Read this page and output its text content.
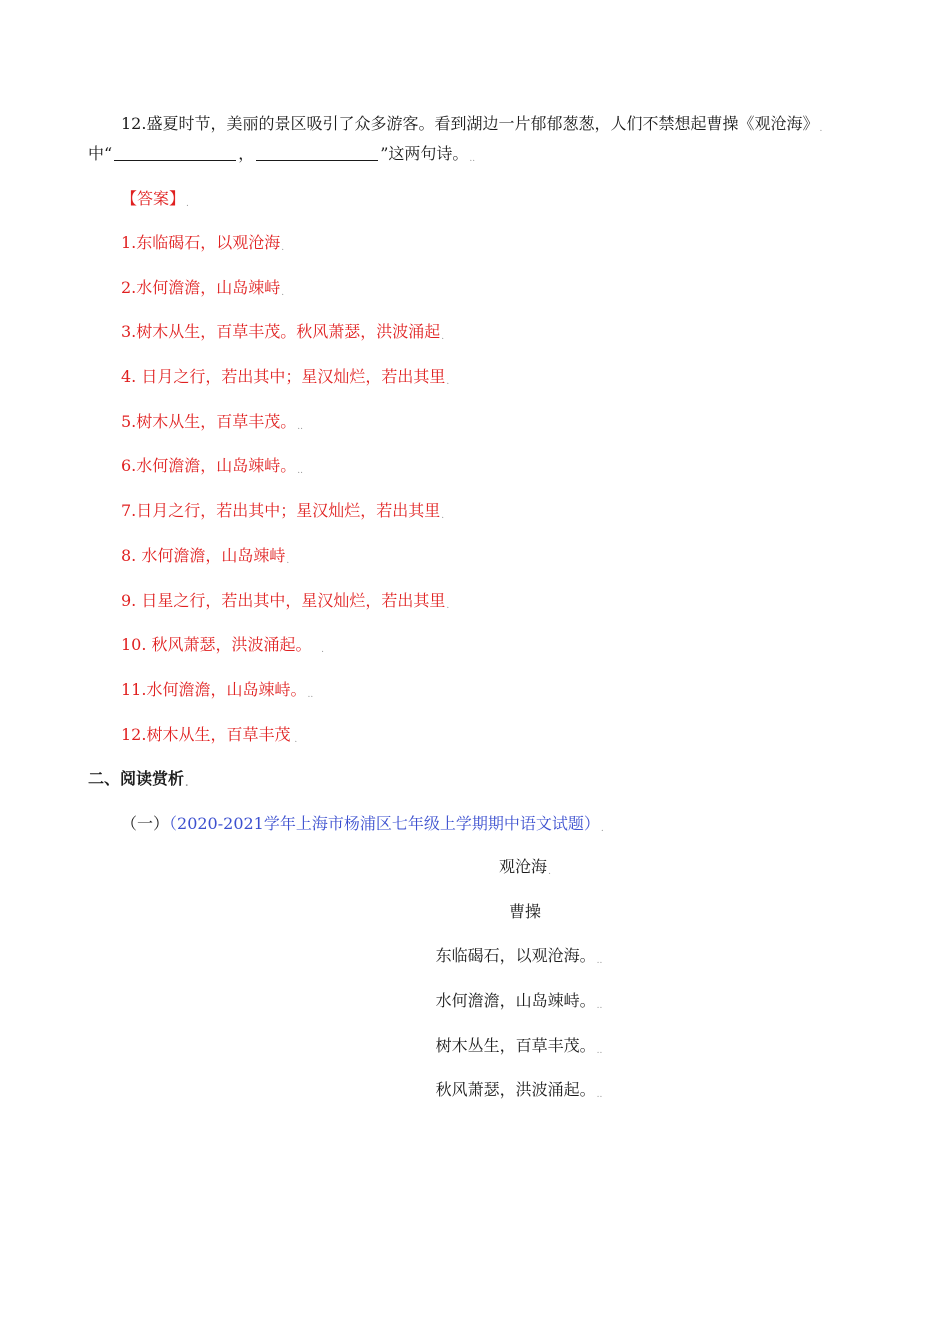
12.盛夏时节，美丽的景区吸引了众多游客。看到湖边一片郁郁葱葱，人们不禁想起曹操《观沧海》.
中“	，	”这两句诗。..
【答案】.
1.东临碣石，以观沧海.
2.水何澹澹，山岛竦峙.
3.树木从生，百草丰茂。秋风萧瑟，洪波涌起.
4. 日月之行，若出其中；星汉灿烂，若出其里.
5.树木从生，百草丰茂。..
6.水何澹澹，山岛竦峙。..
7.日月之行，若出其中；星汉灿烂，若出其里.
8. 水何澹澹，山岛竦峙.
9. 日星之行，若出其中，星汉灿烂，若出其里.
10. 秋风萧瑟，洪波涌起。   .
11.水何澹澹，山岛竦峙。..
12.树木从生，百草丰茂 .
二、阅读赏析.
（一）（2020-2021学年上海市杨浦区七年级上学期期中语文试题）.
观沧海.
曹操
东临碣石，以观沧海。..
水何澹澹，山岛竦峙。..
树木丛生，百草丰茂。..
秋风萧瑟，洪波涌起。..
